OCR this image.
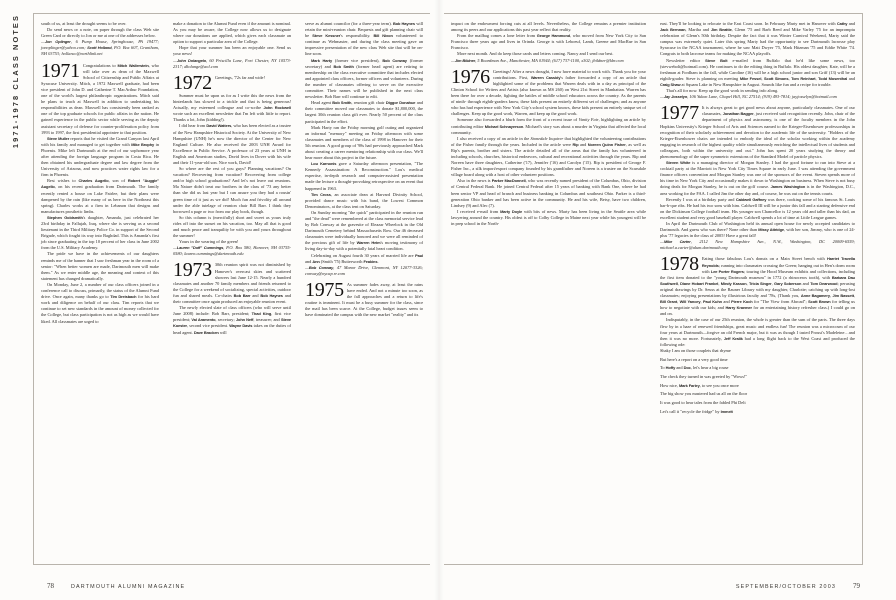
1971-1978 CLASS NOTES	south of us, at least the drought seems to be over.

Do send news or a note, on paper through the class Web site Green Card or directly to Jon or me at one of the addresses below.

—Jon Oplinger, 6 Pump House, Springhouse, PA 19477; jonoplinger@yahoo.com; Scott Holland, P.O. Box 607, Grantham, NH 03753; hollancc@earthlink.net

1971 Congratulations to Mitch Wallerstein, who will take over as dean of the Maxwell School of Citizenship and Public Affairs at Syracuse University. Mitch, a 1972 Maxwell graduate, had been vice president of John D. and Catherine T. MacArthur Foundation, one of the world's largest philanthropic organizations. Mitch said he plans to teach at Maxwell in addition to undertaking his responsibilities as dean. Maxwell has consistently been ranked as one of the top graduate schools for public affairs in the nation. He gained experience in the public sector while serving as the deputy assistant secretary of defense for counter-proliferation policy from 1993 to 1997, the first presidential appointee to that position.

Steve Muller reports that he visited the Grand Canyon last April with his family and managed to get together with Mike Brophy in Phoenix. Mike left Dartmouth at the end of our sophomore year after attending the foreign language program in Costa Rica. He then obtained his undergraduate degree and law degree from the University of Arizona, and now practices water rights law for a firm in Phoenix.

Best wishes to Charles Augello, son of Robert "Auggie" Augello, on his recent graduation from Dartmouth. The family recently rented a house on Lake Fairlee, but their plans were dampened by the rain (like many of us here in the Northeast this spring). Charles works at a firm in Lebanon that designs and manufactures prosthetic limbs.

Stephen Goldsmith's daughter, Amanda, just celebrated her 23rd birthday in Fallujah, Iraq, where she is serving as a second lieutenant in the Third Military Police Co. in support of the Second Brigade, which fought its way into Baghdad. This is Amanda's first job since graduating in the top 10 percent of her class in June 2002 from the U.S. Military Academy.

The pride we have in the achievements of our daughters reminds me of the banner that I saw freshman year in the room of a senior: "When better women are made, Dartmouth men will make them." As we enter middle age, the meaning and context of this statement has changed dramatically.

On Monday, June 2, a number of our class officers joined in a conference call to discuss, primarily, the status of the Alumni Fund drive. Once again, many thanks go to Tim Dreisbach for his hard work and diligence on behalf of our class. Tim reports that we continue to set new standards in the amount of money collected for the College, but class participation is not as high as we would have liked. All classmates are urged to

make a donation to the Alumni Fund even if the amount is nominal. As you may be aware, the College now allows us to designate where our donations are applied, which gives each classmate an option to support a particular area of the College.

Hope that your summer has been an enjoyable one. Send us your news!

—John Dolangelo, 60 Priscilla Lane, Fort Chester, NY 10573-2317; dkolange@aol.com

1972 Greetings, '72s far and wide!

Summer must be upon us for as I write this the news from the hinterlands has slowed to a trickle and that is being generous! Actually, my esteemed colleague and co-scribe John Rockwell wrote such an excellent newsletter that I'm left with little to report. Thanks a lot, John (kidding!).

I did hear from David Watters, who has been elected as a trustee of the New Hampshire Historical Society. At the University of New Hampshire (UNH) he's now the director of the Center for New England Culture. He also received the 2003 UNH Award for Excellence in Public Service. A professor of 23 years at UNH in English and American studies, David lives in Dover with his wife and their 11-year-old son. Nice work, David!

So where are the rest of you guys? Planning vacations? On vacation? Recovering from vacation? Recovering from college and/or high school graduations? And let's not leave out reunions. Ma Nature didn't treat our brothers in the class of '73 any better than she did us last year but I can assure you they had a rousin' green time of it just as we did! Much fun and frivolity all around under the able tutelage of reunion chair Bill Barr. I think they borrowed a page or two from our play book, though.

So this column is (mercifully) short and sweet as yours truly rides off into the sunset on his vacation, too. May all that is good and much peace and tranquility be with you and yours throughout the summer!

Yours in the wearing of the green!

—Lauren "Duff" Cummings, P.O. Box 580, Hanover, NH 03755-0580; lauren.cummings@dartmouth.edu

1973 30th reunion spirit was not diminished by Hanover's overcast skies and scattered showers last June 12-15. Nearly a hundred classmates and another 70 family members and friends returned to the College for a weekend of socializing, special activities, outdoor fun and shared meals. Co-chairs Bob Barr and Bob Haynes and their committee once again produced an enjoyable reunion event.

The newly elected slate of class officers (who will serve until June 2008) include: Bob Barr, president; Thad King, first vice president; Val Aramento, secretary; John Neff, treasurer; and Steve Koester, second vice president. Wayne Davis takes on the duties of head agent. Dave Bracken will

serve as alumni councilor (for a three-year term). Bob Haynes will retain the mini-reunion chair. Bequests and gift planning chair will be Steve Kessner's responsibility. Bill Nixon volunteered to continue as Webmaster, and during the class meeting gave an impressive presentation of the new class Web site that will be on-line soon.

Mark Harty (former vice president), Bob Conway (former secretary) and Bob Smith (former head agent) are retiring to membership on the class executive committee that includes elected and appointed class officers, former officers and volunteers. During the number of classmates offering to serve on the executive committee. Their names will be published in the next class newsletter. Bob Barr will continue to edit.

Head agent Bob Smith, reunion gift chair Diggor Donahue and their committee moved our classmates to donate $1,800,000, the largest 30th reunion class gift ever. Nearly 50 percent of the class participated in the effort.

Mark Harty ran the Friday morning golf outing and organized an informal "memory" meeting on Friday afternoon with some classmates and members of the class of 1998 in Hanover for their 5th reunion. A good group of '98s had previously approached Mark about creating a career mentoring relationship with our class. We'll hear more about this project in the future.

Lou Karnonis gave a Saturday afternoon presentation, "The Kennedy Assassination: A Reconstruction." Lou's medical expertise, in-depth research and computer-assisted presentation made the lecture a thought-provoking retrospective on an event that happened in 1963.

Tim Cross, an associate dean at Harvard Divinity School, provided dance music with his band, the Lowest Common Denominators, at the class tent on Saturday.

On Sunday morning "the quick" participated in the reunion run and "the dead" were remembered at the class memorial service lead by Bob Conway at the gravesite of Eleazar Wheelock in the Old Dartmouth Cemetery behind Massachusetts Row. Our 46 deceased classmates were individually honored and we were all reminded of the precious gift of life by Warren Heim's moving testimony of living day-to-day with a potentially fatal heart condition.

Celebrating on August fourth 30 years of married life are Paul and Ann (Smith '75) Butterworth Feakins.

—Bob Conway, 47 Manor Drive, Glenmont, NY 12077-3326; conway@nycap.rr.com

1975 As summer fades away, at least the rains have ended. And not a minute too soon, as the fall approaches and a return to life's routine is imminent. It must be a busy summer for the class, since the mail has been scarce. At the College, budget issues seem to have dominated the campus with the new market "reality" and its

78	DARTMOUTH ALUMNI MAGAZINE

impact on the endowment forcing cuts at all levels. Nevertheless, the College remains a premier institution among its peers and our applications this past year reflect that reality.

From the mailbag comes a lone letter from George Hammond, who moved from New York City to San Francisco three years ago and lives in Orinda. George is with Leboeuf, Lamb, Greene and MacRae in San Francisco.

More next month. And do keep those cards and letters coming. Nancy and I send our best.

—Jim Bildner, 5 Boardman Ave., Manchester, MA 01944; (617) 737-1100, x302; jbildner@kbr.com

1976 Greetings! After a news drought, I now have material to work with. Thank you for your contributions. First, Warren Cassidy's father forwarded a copy of an article that highlighted some of the problems that Warren deals with in a day as principal of the Clinton School for Writers and Artists (also known as MS 260) on West 21st Street in Manhattan. Warren has been there for over a decade, fighting the battles of middle school educators across the country. As the parents of ninth- through eighth-graders know, these kids present an entirely different set of challenges; and as anyone who has had experience with New York City's school system knows, these kids present an entirely unique set of challenges. Keep up the good work, Warren, and keep up the good work.

Someone also forwarded a blurb form the front of a recent issue of Vanity Fair, highlighting an article by contributing editor Michael Schnayerson. Michael's story was about a murder in Virginia that affected the local community.

I also received a copy of an article in the Stonedale Inquirer that highlighted the volunteering contributions of the Fisher family through the years. Included in the article were Rip and Noreen Quinn Fisher, as well as Rip's parents, brother and sisters. The article detailed all of the areas that the family has volunteered in including schools, churches, historical endeavors, cultural and recreational activities through the years. Rip and Noreen have three daughters, Catherine ('17), Jennifer ('16) and Carolyn ('15). Rip is president of George F. Fisher Inc., a silk import/export company founded by his grandfather and Noreen is a trustee on the Scarsdale village board along with a host of other volunteer positions.

Also in the news is Parker MacDonnell, who was recently named president of the Columbus, Ohio, division of Central Federal Bank. He joined Central Federal after 15 years of banking with Bank One, where he had been senior VP and head of branch and business banking in Columbus and southeast Ohio. Parker is a third-generation Ohio banker and has been active in the community. He and his wife, Betsy, have two children, Lindsey (9) and Alec (7).

I received e-mail from Marty Doyle with bits of news. Marty has been living in the Seattle area while lawyering around the country. His oldest is off to Colby College in Maine next year while his youngest will be in prep school in the North-

east. They'll be looking to relocate to the East Coast soon. In February Marty met in Hanover with Cathy and Jack Brennan, Martha and Jim Beattie, Glenn '75 and Barb Reed and Mike Varley '75 for an impromptu celebration of Glenn's 50th birthday. Despite the fact that it was Winter Carnival Weekend, Marty said the campus was extremely quiet. Later this spring Marty had the opportunity to see Dartmouth lacrosse play Syracuse in the NCAA tournament, where he saw Matt Dwyer '75, Mark Hitzman '75 and Eddie White '74. Congrats to both lacrosse teams for making the NCAA playoffs.

Newsletter editor Steve Bolt e-mailed from Buffalo that he'd like some news, too (stevwebolt@hotmail.com). He continues to do the editing thing in Buffalo. His oldest daughter, Kate, will be a freshman at Fordham in the fall, while Caroline (16) will be a high school junior and son Griff (13) will be an eighth-grader. Steve is planning on meeting Mike Fessel, Scott Simons, Tom Reinhart, Todd Mosenthal and Craig Shaw at Squam Lake in New Hampshire in August. Sounds like fun and a recipe for trouble.

That's all for now. Keep up the good work in sending info along.

—Jay Josselyn, 106 Yukon Lane, Chapel Hill, NC 27514; (919) 493-7814; jayjosselyn@hotmail.com

1977 It is always great to get good news about anyone, particularly classmates. One of our classmates, Jonathan Bagger, just received said recognition recently. John, chair of the department of physics and astronomy, is one of the faculty members in the John Hopkins University's Krieger School of Arts and Sciences named to the Krieger-Eisenhower professorships in recognition of their scholarly achievement and devotion to the academic life of the university. "Holders of the Krieger-Eisenhower chairs are intended to embody the ideal of the scholar working within the academy engaging in research of the highest quality while simultaneously enriching the intellectual lives of students and colleagues, both within the university and out." John has spent 20 years studying the theory and phenomenology of the super symmetric extensions of the Standard Model of particle physics.

Steven White is a managing director of Morgan Stanley. I had the good fortune to run into Steve at a cocktail party at the Marriott in New York City Times Square in early June. I was attending the government finance officers convention and Morgan Stanley was one of the sponsors of the event. Steven spends more of his time in New York City and occasionally makes it down to Washington on business. When Steve is not busy doing deals for Morgan Stanley, he is out on the golf course. James Washington is in the Washington, D.C., area working for the FAA. I called Jim the other day and, of course, he was out on the tennis courts.

Recently I was at a birthday party and Caldwell Gaffney was there, cooking some of his famous St. Louis bar-b-que ribs. He had his two sons with him. Caldwell III will be a junior this fall and a starting defensive end on the Dickinson College football team. His younger son Chancellor is 12 years old and taller than his dad, an excellent student and very good baseball player. Caldwell spends a lot of time at Little League games.

In April the Dartmouth Club of Washington held its annual open house for newly accepted candidates to Dartmouth. And guess who was there? None other than Missy Attridge, with her son, Jimmy, who is one of 24-plus '77 legacies in the class of 2005! Have a great fall!

—Mike Carter, 2112 New Hampshire Ave., N.W., Washington, DC 20009-6559; michael.a.carter@alum.dartmouth.org

1978 Eating those fabulous Lou's donuts on a Main Street bench with Harriet Travella Reynolds; running into classmates crossing the Green; hanging out in Hen's dorm room with Lee Porter Rogers; touring the Hood Museum exhibits and collections, including the first item donated to the "young Dartmouth museum" in 1772 (a rhinoceros tooth), with Barbara Dau Southwell, Diane Hobart Frankel, Mindy Kasson, Tricia Singer, Gary Soberson and Tom Dearwood; perusing original drawings by Dr. Seuss at the Rauner Library with my daughter, Charlotte; catching up with long-lost classmates; enjoying presentations by illustrious faculty and '78s, (Thank you, Anne Bagamery, Jim Bassett, Bill Grant, Will Yancey, Paul Kuhn and Pierre Koch for "The View from Abroad"; Scott Brown for telling us how to negotiate with our kids; and Harry Kraemer for an entertaining history refresher class.) I could go on and on.

Indisputably, in the case of our 25th reunion, the whole is greater than the sum of the parts. The three days flew by in a haze of renewed friendships, great music and endless fun! The reunion was a microcosm of our four years at Dartmouth—forgive an old French major, but it was as though I tasted Proust's Madeleine…and then it was no more. Fortunately, Jeff Kralik had a long flight back to the West Coast and produced the following ode:

Shaky I am on those couplets that rhyme

But here's a report on a very good time

To Hoffy and Doc, let's hear a big rouse

The check they turned in was greeted by "Wows!"

How nice, Mark Farley, to see you once more

The big show you mastered had us all on the floor

It was good to hear tales from the fabled Phi Delt

Let's call it "recycle the fridge" by Immelt

SEPTEMBER/OCTOBER 2003 79
